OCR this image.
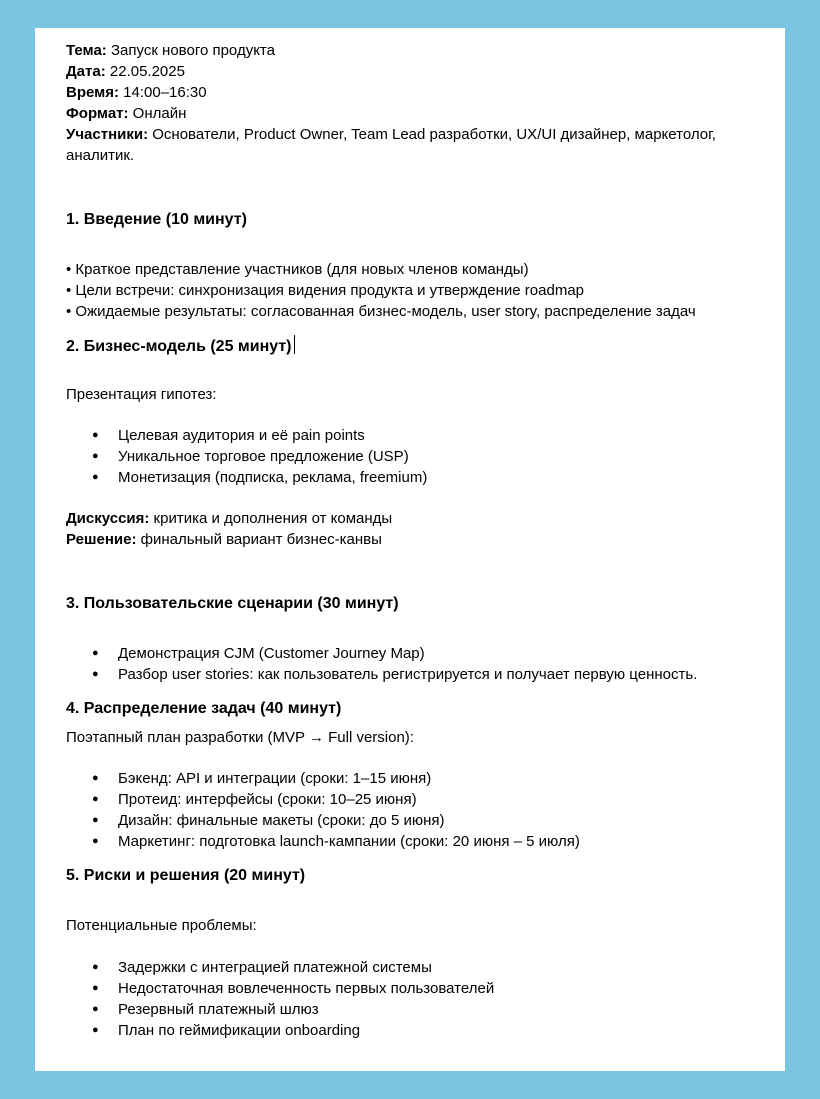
Тема: Запуск нового продукта

Дата: 22.05.2025

Время: 14:00–16:30

Формат: Онлайн

Участники: Основатели, Product Owner, Team Lead разработки, UX/UI дизайнер, маркетолог, аналитик.

1. Введение (10 минут)
• Краткое представление участников (для новых членов команды)
• Цели встречи: синхронизация видения продукта и утверждение roadmap
• Ожидаемые результаты: согласованная бизнес-модель, user story, распределение задач
2. Бизнес-модель (25 минут)

Презентация гипотез:

● Целевая аудитория и её pain points
● Уникальное торговое предложение (USP)
● Монетизация (подписка, реклама, freemium)

Дискуссия: критика и дополнения от команды

Решение: финальный вариант бизнес-канвы

3. Пользовательские сценарии (30 минут)
● Демонстрация CJM (Customer Journey Map)
● Разбор user stories: как пользователь регистрируется и получает первую ценность.
4. Распределение задач (40 минут)

Поэтапный план разработки (MVP → Full version):

● Бэкенд: API и интеграции (сроки: 1–15 июня)
● Протеид: интерфейсы (сроки: 10–25 июня)
● Дизайн: финальные макеты (сроки: до 5 июня)
● Маркетинг: подготовка launch-кампании (сроки: 20 июня – 5 июля)
5. Риски и решения (20 минут)

Потенциальные проблемы:

● Задержки с интеграцией платежной системы
● Недостаточная вовлеченность первых пользователей
● Резервный платежный шлюз
● План по геймификации onboarding
